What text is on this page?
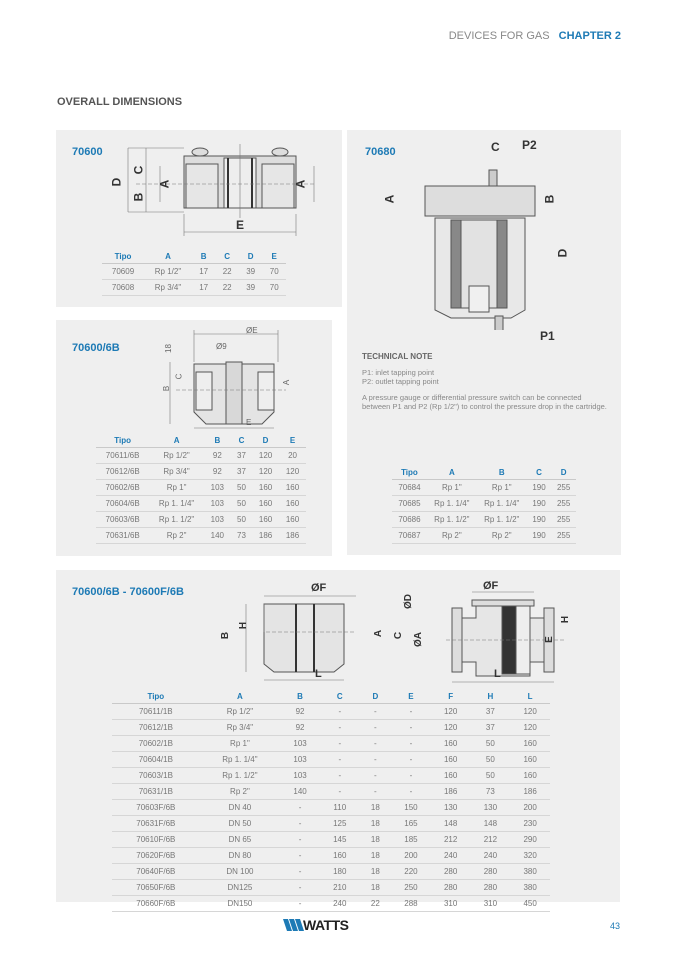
DEVICES FOR GAS CHAPTER 2
OVERALL DIMENSIONS
70600
D
C
B
A	A
E
Tipo	A	B	C	D	E
70609	Rp 1/2"	17	22	39	70
70608	Rp 3/4"	17	22	39	70
70680	C P2
A	B
D
P1
TECHNICAL NOTE
P1: inlet tapping point
P2: outlet tapping point

A pressure gauge or differential pressure switch can be connected between P1 and P2 (Rp 1/2") to control the pressure drop in the cartridge.

Tipo	A	B	C	D
70684	Rp 1"	Rp 1"	190	255
70685	Rp 1. 1/4"	Rp 1. 1/4"	190	255
70686	Rp 1. 1/2"	Rp 1. 1/2"	190	255
70687	Rp 2"	Rp 2"	190	255
70600/6B
ØE
Ø9
18
B
C
A
E
Tipo	A	B	C	D	E
70611/6B	Rp 1/2"	92	37	120	20
70612/6B	Rp 3/4"	92	37	120	120
70602/6B	Rp 1"	103	50	160	160
70604/6B	Rp 1. 1/4"	103	50	160	160
70603/6B	Rp 1. 1/2"	103	50	160	160
70631/6B	Rp 2"	140	73	186	186
70600/6B - 70600F/6B	ØF
H
B
L
A
ØF
ØD
C ØA	E
H
L
Tipo	A	B	C	D	E	F	H	L
70611/1B	Rp 1/2"	92	-	-	-	120	37	120
70612/1B	Rp 3/4"	92	-	-	-	120	37	120
70602/1B	Rp 1"	103	-	-	-	160	50	160
70604/1B	Rp 1. 1/4"	103	-	-	-	160	50	160
70603/1B	Rp 1. 1/2"	103	-	-	-	160	50	160
70631/1B	Rp 2"	140	-	-	-	186	73	186
70603F/6B	DN 40	-	110	18	150	130	130	200
70631F/6B	DN 50	-	125	18	165	148	148	230
70610F/6B	DN 65	-	145	18	185	212	212	290
70620F/6B	DN 80	-	160	18	200	240	240	320
70640F/6B	DN 100	-	180	18	220	280	280	380
70650F/6B	DN125	-	210	18	250	280	280	380
70660F/6B	DN150	-	240	22	288	310	310	450
WATTS	43
